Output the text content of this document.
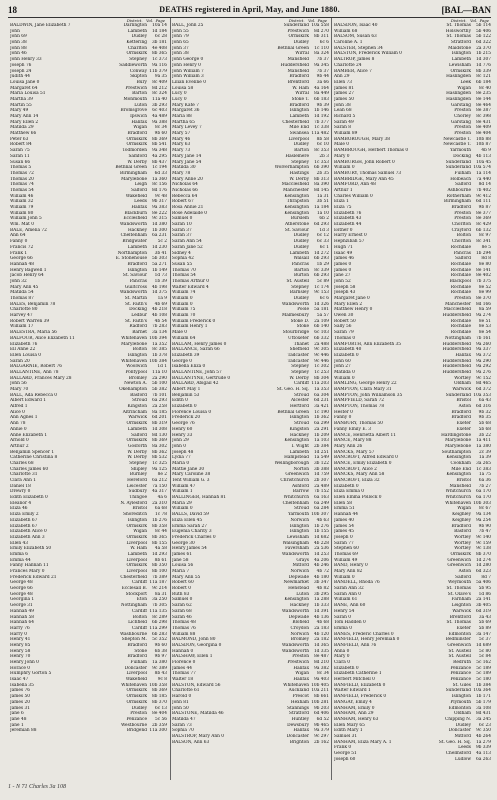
18	DEATHS registered in April, May, and June 1880.	[BAL—BAN
District.   Vol.  Page
BALDWIN, Jane Elizabeth 7	Darlington	10a 14
John	Lambeth	1d 184
John 69	Dudley	6c 28
John 38	Kettering	3b 181
John 88	Charlton	4e 408
John 46	Ormskirk	8b 365
John Henry 33	Stepney	1c 373
Joseph 76	Saddleworth	9a 116
Joseph 24	Conway 11b 379
Judith 44	Skipton	9a 35
Louisa Jane 0	Bury	8c 409
Margaret 64	Prestwich	8d 212
Maria Louisa 51	Barton	8c 324
Martha 39	Monmouth	11a 40
Martin 55	Luton	3b 293
Mary 49	Bromsgrove	6c 403
Mary Ann 14	Ipswich	4a 489
Mary Ellen 2	Halifax	9a 388
Matilda 29	Wigan	8c 34
Matthew 66	Bradford	9b 60
Peter 63	Ormskirk	8b 369
Robert 84	Ormskirk	8b 541
Sarah 75	Todmorden	9a 348
Sarah 11	Samford	4a 295
Susan 66	W. Derby	8b 437
Thomas 5	Bethnal Green	1c 194
Thomas 72	Birmingham	6d 33
Thomas 20	Marylebone	1a 360
Thomas 74	Leigh	8c 156
Thomas 54	Salford	8d 176
William 46	Wakefield	9c 48
William 32	Leeds	9b 317
William 79	Halifax	9a 383
William 80	Blackburn	8e 222
William John 5	Ecclesfield	9c 315
Wm. Mat 0	Wandsworth	1d 380
BALE, Amelia 72	Hackney	1b 300
Ann 64	Cheltenham	6a 231
Fanny 0	Bridgwater	5c 2
Francis 72	Lambeth	1d 230
Frank 1	Northampton	3b 41
George 66	E. Stonehouse	5b 303
Hannah 48	Bradford	5a 271
Henry Bagwell 1	Islington	1b 149
Jacob Henry 64	St. Saviour	1d 73
John 32	Pancras	1b 39
Mary Ann 45	Guiltcross	4b 198
Matilda 54	Wandsworth	1d 375
Thomas 87	St. Martin	1a 9
BALES, Benjamin 78	St. Faith's	4b 69
Charlotte 80	Docking	4b 218
Harvey 47	Ledbur	4b 108
Robert Warren 39	St. Faith's	4b 54
William 17	Radford	7b 283
BALESTRA, Maria 56	Barnet	3a 134
BALFOUR, Alice Elizabeth 11	Whitehaven 10b 394
Elizabeth 76	Marylebone	1a 352
Ell Anne 22	Bolton	8c 385
Ellen Louisa 0	Islington	1b 378
Sarah 20	Whitehaven 10b 384
BALGARNIE, Robert 76	Woolwich	1d 1
BALLANTINE, Ann 78	Pontypool	11a 10
BALLARD, Frances Mary 28	Bromley	2a 290
John 56	Newton A.	5b 100
Mary 70	Okehampton	5b 382
BALL, Ada Rebecca 0	Basford	7b 101
Albert Edward 1	Stroud	6a 293
Alfred 1	Kingston	2a 258
Alice 0	Altrincham	8a 185
Ann Agnes 1	Warwick	6d 201
Ann 78	Ormskirk	8b 319
Annie 0	Lambeth	1d 308
Anne Elizabeth 1	Salford	8d 130
Arnold 0	Ormskirk	8b 369
Arthur 2	Gosforth	8a 302
Benjamin Spencer 1	W. Derby	8b 362
Catherine Christina 8	W. Derby	8b 532
Charles 68	Stepney	1c 325
Charles James 60	Shipley	9a 125
Charlotte 31	Burnley	8e 2
Clara Ann 1	Hereford	6a 212
Daniel 18	Leicester	7a 150
Drewry 0	Sudbury	4a 317
Edith Elizabeth 0	Thingoe	4a 6
Eleanor 4	N. Aylesford	2a 310
Eliza 46	Bristol	6a 68
Eliza Emily 2	Shoreditch	1c 78
Elizabeth 67	Islington	1b 276
Elizabeth 67	Ormskirk	8b 358
Elizabeth Alice 0	Wigan	8c 44
Elizabeth Ann 3	Ormskirk	8b 365
Ellen 43	Liverpool	8b 155
Emily Elizabeth 50	W. Ham	4a 58
Emma 6	Lambeth	1d 293
Emma 44	Liverpool	8b 61
Fanny Hannah 11	Ormskirk	8b 350
Frances Mary 0	Liverpool	8b 100
Frederick Edward 21	Chesterfield	7b 389
George 48	Cardiff 11a 187
George 66	Ecclesall B.	9c 214
George 48	Stockport	8a 31
Georgina 1	Eton	3a 250
George 31	Nottingham	7b 305
Hannah 49	Cardiff 11a 135
Hannah 58	Bolton	8c 289
Hannah 64	Lichfield	6b 298
Harry 76	Cardiff 11a 299
Harry 0	Washbourne	6b 283
Henry 41	Shepton M.	5c 352
Henry 85	Bradford	9b 60
Henry 58	Stone	6b 38
Henry 70	Bradford	9b 97
Henry John 0	Fulham	1a 380
Horace 0	Doncaster	9c 389
Humphry Gorton 5	Liverpool	8b 43
Isaac 47	Wakefield	9c 8
Isabella 35	Whitehaven 10b 358
James 76	Ormskirk	8b 369
James 50	Ormskirk	8b 185
James 20	Ormskirk	8b 370
James 31	Dudley	6c 13
Jane 6	Preston	8e 404
Jane 48	Penzance	5c 56
Jane 1	Westbourne	2b 359
Jeremiah 88	Bridgend 11a 300
District.   Vol.  Page
BALL, John 25	Sunderland 10a 558
John 55	Prestwich	8d 270
John 79	Ormskirk	8b 311
John 65	Dudley	6c 6
John 37	Bethnal Green	1c 110
John 38	Wirral	8a 324
John George 0	Mansfield	7b 37
John Henry 0	Huddersfield	9a 345
John William 7	Mansfield	7b 37
John William 3	Bradford	9b 44
Lilian Eveline 0	Brentford	3a 66
Louisa 58	W. Ham	4a 164
Lucy 0	Wirral	8a 449
Lucy 0	Stoke T.	6b 183
Mary Kate 7	Bradford	9b 39
Margaret 36	Islington	1b 146
Maria 88	Lambeth	1d 192
Martha 65	Chesterfield	7b 377
Mary Levey 7	Mile End	1c 338
Mary 57	Swansea 11a 482
Mary 46	Liverpool	8b 58
Mary 63	Dudley	6c 10
Mary 73	Barton	8c 353
Mary Jane 14	Haslemere	2b 3
Mary Jane 54	Stepney	1c 353
Matilda 30	Wolverhampton	6b 390
Mary 78	Hastings	2b 35
Mary Anne 20	W. Derby	8b 313
Nicholas 64	Macclesfield	8a 390
Nicholas 66	Manchester	8d 145
Rebecca 64	Kensington	1a 31
Robert 67	Thrapston	3b 51
Rosa Annie 21	Kensington	1a 184
Rose Adelaide 0	Kensington	1a 10
Samuel 0	Burslem	6b 2
Sarah 10	Atherstone	6d 293
Sarah 37	St. Saviour	1d 3
Sarah 37	Dudley	6c 12
Sarah Ann 54	Dudley	6c 33
Sarah Jane 52	Dudley	6c 1
Sidney 4	Lambeth	1d 272
Sophia 42	Walsall	6b 293
Susan 55	Pancras	1b 29
Thomas 70	Barton	8c 339
Thomas 54	Burton	6b 293
Thomas Arthur 0	St. Austell	5c 89
Walter Edward 4	Stepney	1c 174
William 74	Barnsley	9c 153
William 0	Dudley	6c 6
William 0	Wandsworth	1d 326
William 75	Poole	5a 181
William 70	Malmesbury	5a 57
William Frederick 0	Stoke D.	2a 109
William Henry 1	Stoke	6b 140
Male 0	Stourbridge	6c 103
William 64	Uttoxeter	6b 332
BALLAM, Henry James 0	Thanet	2a 488
BALLANCE, Sarah 66	Sheffield	9c 305
Elizabeth 39	Tadcaster	9c 446
George 0	Tadcaster	9c 446
Isabella Eliza 0	Stepney	1c 302
BALLANTINE, John 57	Stepney	1c 253
BALLANTYNE, Gertrude 0	W. Derby	8b 304
BALLARD, Abigail 42	Cardiff 11a 203
Albert May 1	St. Geo. H. Sq.	1a 353
Benjamin 53	Stroud	6a 304
Edith 0	Alcester	6d 231
Elizabeth 0	Hertford	3a 421
Florence Louisa 0	Bethnal Green	1c 190
Frederick 20	Islington	1b 362
George 76	Stroud	6a 299
Henry 60	Kingston	2a 291
Henry 33	Hackney	1b 209
John 29	Kensington	1a 103
John 0	I. Wight	2b 384
Joseph 48	Lambeth	1d 251
Lydia 77	Hampstead	1a 549
Maria 0	Wellingborough	3b 122
Mattie Jane 30	Norton	3b 388
Mary Caroline 38	Greenwich	1d 759
Tent William G. 3	Christchurch	2b 307
William 47	Ashford	2a 489
William 1	Barrow	7b 152
BALLINGER, Hannah 81	Whitchurch	6a 163
Maria 29	Cheltenham	6a 249
William 0	Stroud	6a 284
BALLS, David 59	Yarmouth 10b 307
Eliza Ellen 45	Norwich	4b 63
Emma Sarah 27	Islington	1b 276
Eugenia Charity 3	Islington	1b 155
Frederick Charles 0	Lewisham	1d 682
George 30	Walsingham	4b 228
Henry James 54	Faversham	2a 536
James 61	Wandsworth	1d 253
Jane 58	Grays	4a 206
Louisa 56	Mitford	4b 246
Maria 7	Norwich	4b 72
Mary Ann 55	Depwade	4b 180
Robert 60	Newmarket	3b 347
Robert 0	Henstead	4b 82
Ruth 83	Luton	3b 295
Samuel 0	Kensington	1a 288
Sarah 62	Hackney	1b 333
Sarah 68	Wandsworth	1d 391
Sarah 46	Depwade	4b 136
Thomas 48	Blofield	4b 68
Thomas 76	Croydon	2a 183
William 88	Norwich	4b 120
BALMOND, John 80	Bromley	2a 182
BALSDON, Georgina 0	Wandsworth	1d 365
Hannah 0	Wandsworth	1d 335
BALSHAW, Ellen 1	Preston	8e 487
Florence 0	Prestwich	8d 210
James 44	Halifax	9a 382
Thomas 77	Wigan	8c 34
Walter 18	Halifax	9a 403
BALSTON, Edward 56	Whitehaven 10b 405
Charlotte 61	Auckland 10a 211
Harold 0	Prescot	8b 661
John 81	Hexham 10b 281
John 50	Stannings	9b 203
BALSTONE, Matilda 46	Stratford	6d 406
Matilda 47	Huntley	6d 52
Sarah 73	Dewsbury	9b 465
Sophia 70	Halifax	9a 379
BALSTROP, Mary Ann 0	Doncaster	9c 297
BALSON, Ann 63	Brighton	2b 162
District.   Vol.  Page
BALSDON, Isaac 40	St. Thomas	5b 114
William 68	Holsworthy	5b 406
BALSOM, Susan 63	St. Thomas	5b 122
Caroline A. 1	Stratford	6d 322
BALSTER, Stephen 34	Maidstone	2a 370
BALSTON, Frederick William 0	Islington	1b 215
BALTROP, James 8	Lambeth	1d 307
Charlotte 24	Lewisham	1d 776
BAMBER, Alice 7	Ormskirk	8b 339
Ann 29	Haslingden	8c 121
Ellen 73	Leek	6b 184
James 81	Wigan	8c 40
James 27	Haslingden	8e 235
James 50	Haslingden	8e 144
John 38	Garstang	8e 464
Leah 68	Preston	8e 387
Richard 5	Chorley	8c 398
Sarah 49	Garstang	8e 431
Sarah 8	Preston	8e 409
William 89	Preston	8e 404
BAMBOROUGH, Mary 38	Newcastle T.	10b 88
Male 0	Newcastle T.	10b 87
BAMBROUGH, Herbert Thomas 0	Yarmouth	4b 9
Mary 0	Docking	4b 113
BAMBURGH, John Robert 0	Sunderland	10a 45
William 0	Sunderland 10a 574
BAMBURY, Thomas Samuel 73	Fulham	1a 114
BAMBRIDGE, Mary Ann 45	Holbeach	7a 440
BAMFORD, Ann 48	Salford	8d 14
Arthur 1	Ashbourne	7b 402
Charles William 0	Rotherham	9c 412
Eliza 1	Birmingham	6d 111
Eliza 75	Bradford	9b 87
Elizabeth 76	Preston	8e 377
Elizabeth 43	Preston	8e 369
Elizabeth 44	Chorlton	8c 429
Esther 0	Crayford	6b 132
Harry Ernest 0	Bolton	8c 97
Hephzibah 57	Chorlton	8c 341
Hugh 71	Rochdale	8e 5
Isaac 49	Pancras	1b 294
James 46	Salford	8d 8
James 0	Rochdale	8e 80
James 0	Rochdale	8e 141
Jane 27	Rochdale	8e 402
John 52	Blackpool	7b 375
Joseph 58	Rochdale	8e 52
Joseph 43	Rochdale	8e 99
Margaret Jane 0	Preston	8e 370
Mary Ellen 2	Manchester	8d 166
Matthew Henry 0	Macclesfield	8a 59
Owen 30	Huddersfield	9a 274
Robert 50	Rochdale	8e 51
Sally 56	Rochdale	8e 53
Sarah 79	Rochdale	8e 54
Thomas 0	Nottingham	7b 161
BAMFORTH, Ann Elizabeth 35	Huddersfield	9a 260
Elizabeth 40	Huddersfield	9a 337
Elizabeth 0	Halifax	9a 372
John 60	Huddersfield	9a 290
John 27	Huddersfield	9a 292
Matilda 0	Huddersfield	9a 276
William 0	Wortley	9c 152
BAMLING, George Henry 22	Oldham	8d 465
BAMPTON, Clara Mary 31	Warwick	6d 372
BAMPTON, John Williamson 35	Sunderland 10a 353
BAMPFIELD, Sarah 72	Bristol	6a 43
BAMPTON, Thomas 78	Aston	6d 316
Hester 0	Bradford	9b 32
Fanny 0	Bradford	9b 35
BANBURY, Thomas 50	Exeter	5b 68
Fanny Emily E. 3	Exeter	5b 68
BANCE, Henrietta Albert 11	Hardingstone	3b 22
BANCE, Mary 88	Marylebone	1a 411
Mary Ann 26	Marylebone	1a 380
BANCKS, Mary 57	Southampton	2c 39
BANCROFT, Alfred Edward 0	Kensington	1a 39
BANCE, Emily Elizabeth 0	Cookham	3a 265
BANCROFT, Alice 2	Mile End	1c 383
BANCKS, Mary Ann 58	Kensington	1a 75
BANCROFT, Eliza 32	Bristol	6a 36
Elizabeth 0	Mansfield	7b 27
Eliza Emma 0	Whitchurch	6a 170
Ellen Emma Pollock 0	Whitchurch	6a 170
Ellen 58	Whitehaven 10b 303
Emma 51	Wigan	8c 67
Hannah 44	Keighley	9a 134
James 40	Keighley	9a 254
James 54	Bradford	9b 90
James 45	Basford	7b 47
Joseph 0	Wortley	9c 140
Sarah 77	Wortley	9c 159
Stephen 60	Wortley	9c 138
Thomas 69	Ormskirk	8b 370
William 49	Greenwich	1d 274
BAND, Henry 0	Greenwich	1d 280
Mary Ann 82	Aston	6d 323
William 0	Salford	8d 7
BANDELL, Rhoda 76	Weymouth	5a 406
Sarah Ann 32	St. Thomas	5b 95
Sarah Ann 0	St. Olave's	1d 86
William 61	Farnham	2a 141
BANE, Ann 60	Leighton	3b 405
Henry 54	Warwick	6d 319
Sarah 0	Brentford	3a 43
Tom Hadden 0	St. Thomas	5b 69
Emma 0	Exeter	5b 89
BANES, Frederic Charles 0	Edmonton	3a 147
BANFIELD, Henry Jeremiah 0	Bedminster	5c 37
BANFIELD, Ann 76	Greenwich	1d 689
Anna 0	St. Austell	5c 80
Mary 0	St. Austell	5c 84
Clara 0	Redruth	5c 162
Elizabeth 0	Penzance	5c 189
Elizabeth Catherine 1	Penzance	5c 189
Herbert Mitchell 0	Penzance	5c 180
BANFIELD, Elizabeth 0	St. Giles	1b 384
Walter Edward 1	Sunderland 10a 364
BANFIELD, Frederick 0	Islington	1b 171
BANGAY, Emily 4	Plymouth	5b 179
BANHAM, Emily 0	Edmonton	3a 108
BANHAM, Ann 29	Oldham	8d 431
BANHAM, Henry 63	Chipping N.	3a 245
Ellen Mary 65	Dudley	6c 23
Edith Mary 1	Doncaster	9c 350
Samuel 31	Mitford	4b 264
BANHAM, Eliza Mary A. 1	St. Geo. H. Sq.	1a 279
Frank 0	Leeds	9b 339
George 51	Chelmsford	4a 113
Joseph 60	Ludlow	6a 263
1 - N 71 Charles 3a 108
